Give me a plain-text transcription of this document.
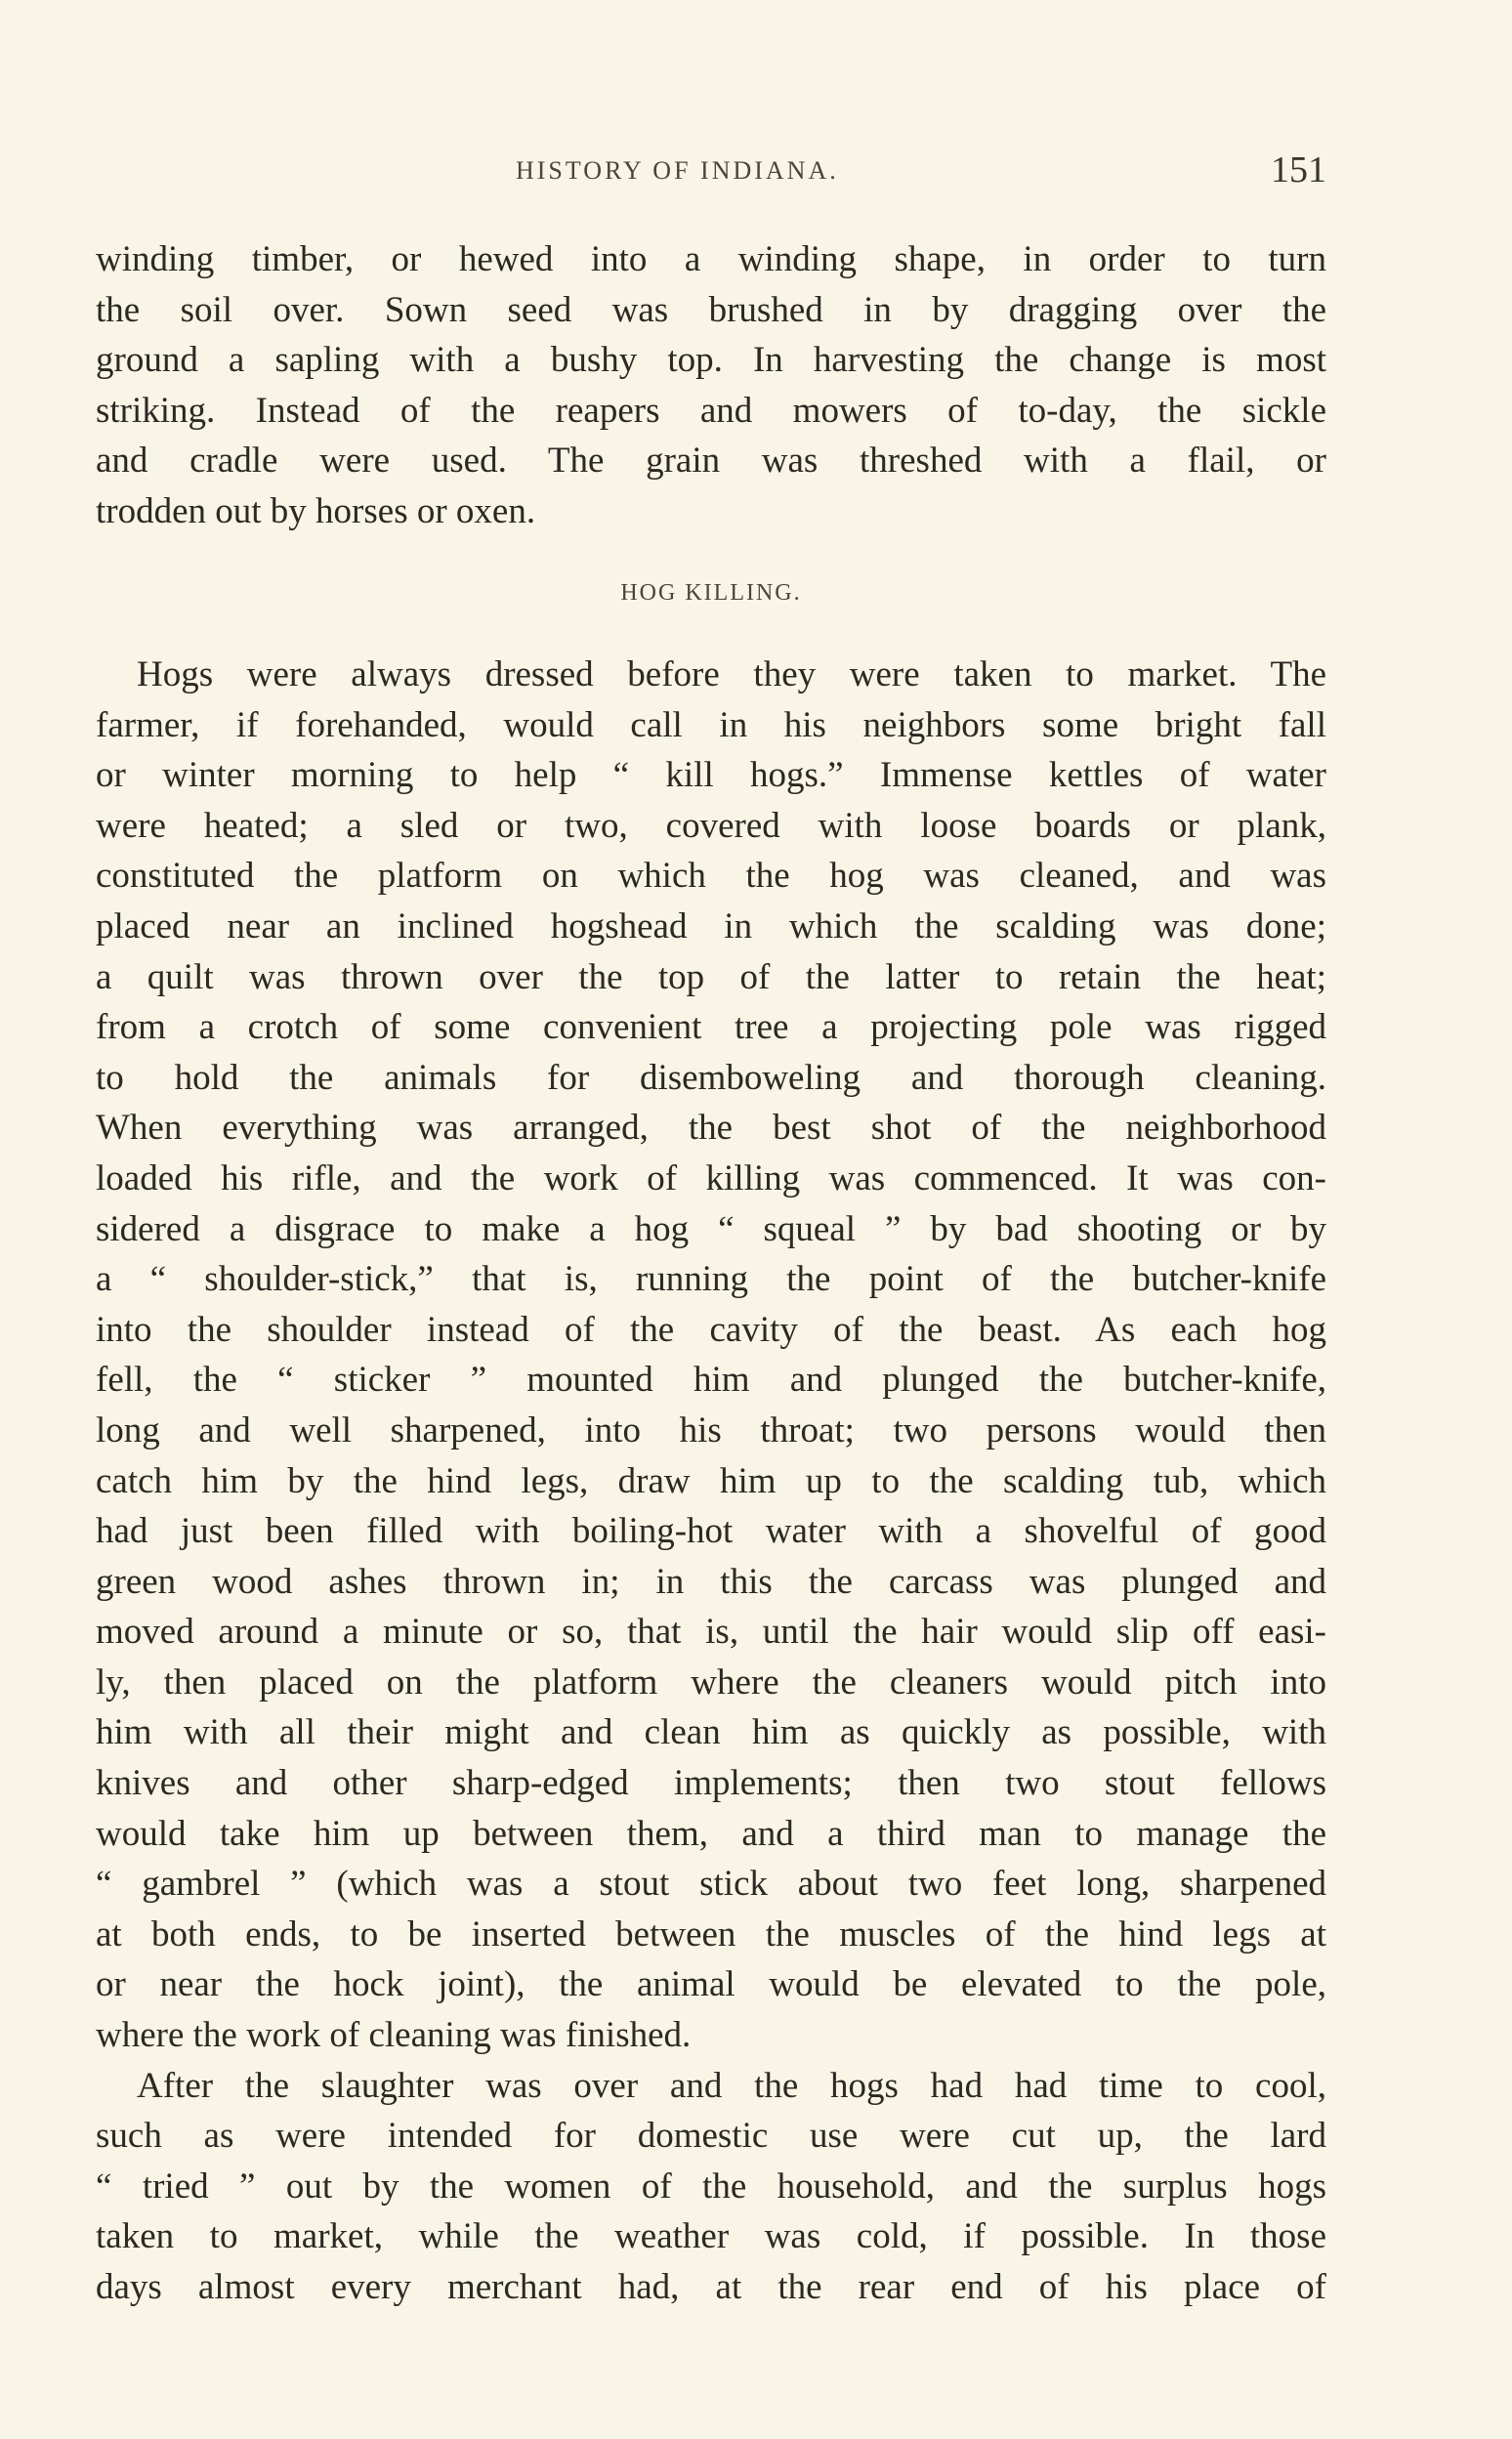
HISTORY OF INDIANA.	151
winding timber, or hewed into a winding shape, in order to turn
the soil over. Sown seed was brushed in by dragging over the
ground a sapling with a bushy top. In harvesting the change is most
striking. Instead of the reapers and mowers of to-day, the sickle
and cradle were used. The grain was threshed with a flail, or
trodden out by horses or oxen.
HOG KILLING.
Hogs were always dressed before they were taken to market. The
farmer, if forehanded, would call in his neighbors some bright fall
or winter morning to help “ kill hogs.” Immense kettles of water
were heated; a sled or two, covered with loose boards or plank,
constituted the platform on which the hog was cleaned, and was
placed near an inclined hogshead in which the scalding was done;
a quilt was thrown over the top of the latter to retain the heat;
from a crotch of some convenient tree a projecting pole was rigged
to hold the animals for disemboweling and thorough cleaning.
When everything was arranged, the best shot of the neighborhood
loaded his rifle, and the work of killing was commenced. It was con-
sidered a disgrace to make a hog “ squeal ” by bad shooting or by
a “ shoulder-stick,” that is, running the point of the butcher-knife
into the shoulder instead of the cavity of the beast. As each hog
fell, the “ sticker ” mounted him and plunged the butcher-knife,
long and well sharpened, into his throat; two persons would then
catch him by the hind legs, draw him up to the scalding tub, which
had just been filled with boiling-hot water with a shovelful of good
green wood ashes thrown in; in this the carcass was plunged and
moved around a minute or so, that is, until the hair would slip off easi-
ly, then placed on the platform where the cleaners would pitch into
him with all their might and clean him as quickly as possible, with
knives and other sharp-edged implements; then two stout fellows
would take him up between them, and a third man to manage the
“ gambrel ” (which was a stout stick about two feet long, sharpened
at both ends, to be inserted between the muscles of the hind legs at
or near the hock joint), the animal would be elevated to the pole,
where the work of cleaning was finished.
After the slaughter was over and the hogs had had time to cool,
such as were intended for domestic use were cut up, the lard
“ tried ” out by the women of the household, and the surplus hogs
taken to market, while the weather was cold, if possible. In those
days almost every merchant had, at the rear end of his place of
